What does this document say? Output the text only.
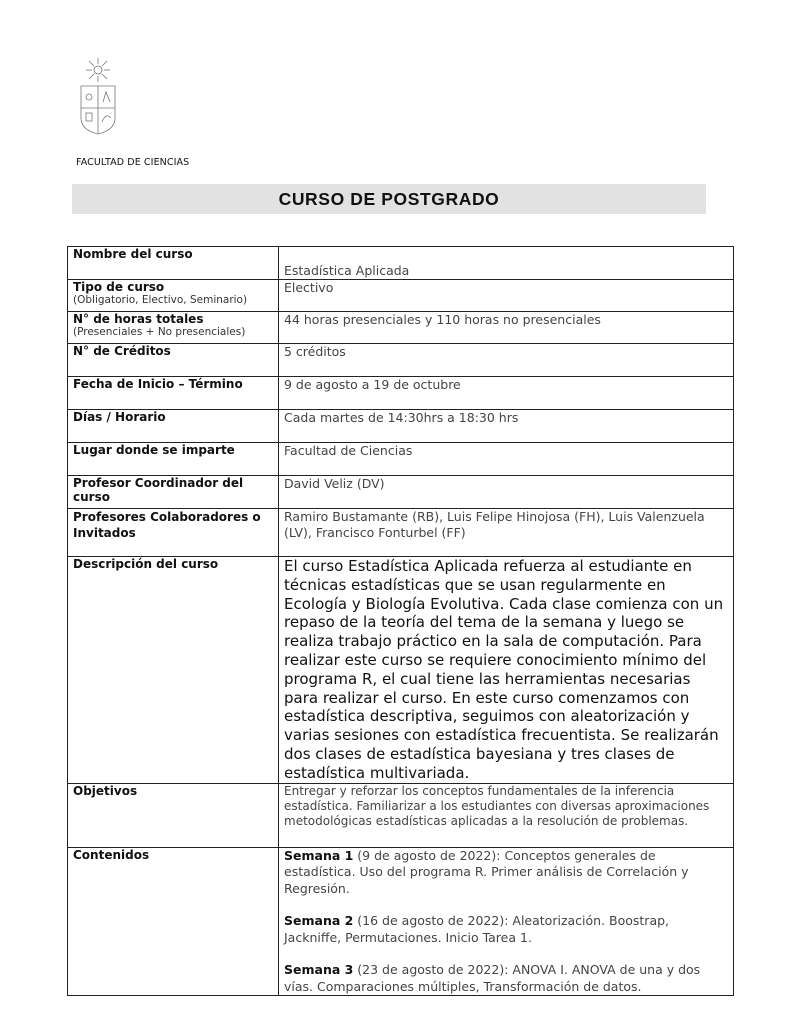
FACULTAD DE CIENCIAS
CURSO DE POSTGRADO
Nombre del curso	Estadística Aplicada
Tipo de curso
(Obligatorio, Electivo, Seminario)	Electivo
N° de horas totales
(Presenciales + No presenciales)	44 horas presenciales y 110 horas no presenciales
N° de Créditos	5 créditos
Fecha de Inicio – Término	9 de agosto a 19 de octubre
Días / Horario	Cada martes de 14:30hrs a 18:30 hrs
Lugar donde se imparte	Facultad de Ciencias
Profesor Coordinador del curso	David Veliz (DV)
Profesores Colaboradores o Invitados	Ramiro Bustamante (RB), Luis Felipe Hinojosa (FH), Luis Valenzuela (LV), Francisco Fonturbel (FF)
Descripción del curso	El curso Estadística Aplicada refuerza al estudiante en técnicas estadísticas que se usan regularmente en Ecología y Biología Evolutiva. Cada clase comienza con un repaso de la teoría del tema de la semana y luego se realiza trabajo práctico en la sala de computación. Para realizar este curso se requiere conocimiento mínimo del programa R, el cual tiene las herramientas necesarias para realizar el curso. En este curso comenzamos con estadística descriptiva, seguimos con aleatorización y varias sesiones con estadística frecuentista. Se realizarán dos clases de estadística bayesiana y tres clases de estadística multivariada.
Objetivos	Entregar y reforzar los conceptos fundamentales de la inferencia estadística. Familiarizar a los estudiantes con diversas aproximaciones metodológicas estadísticas aplicadas a la resolución de problemas.
Contenidos	Semana 1 (9 de agosto de 2022): Conceptos generales de estadística. Uso del programa R. Primer análisis de Correlación y Regresión.
Semana 2 (16 de agosto de 2022): Aleatorización. Boostrap, Jackniffe, Permutaciones. Inicio Tarea 1.
Semana 3 (23 de agosto de 2022): ANOVA I. ANOVA de una y dos vías. Comparaciones múltiples, Transformación de datos.
